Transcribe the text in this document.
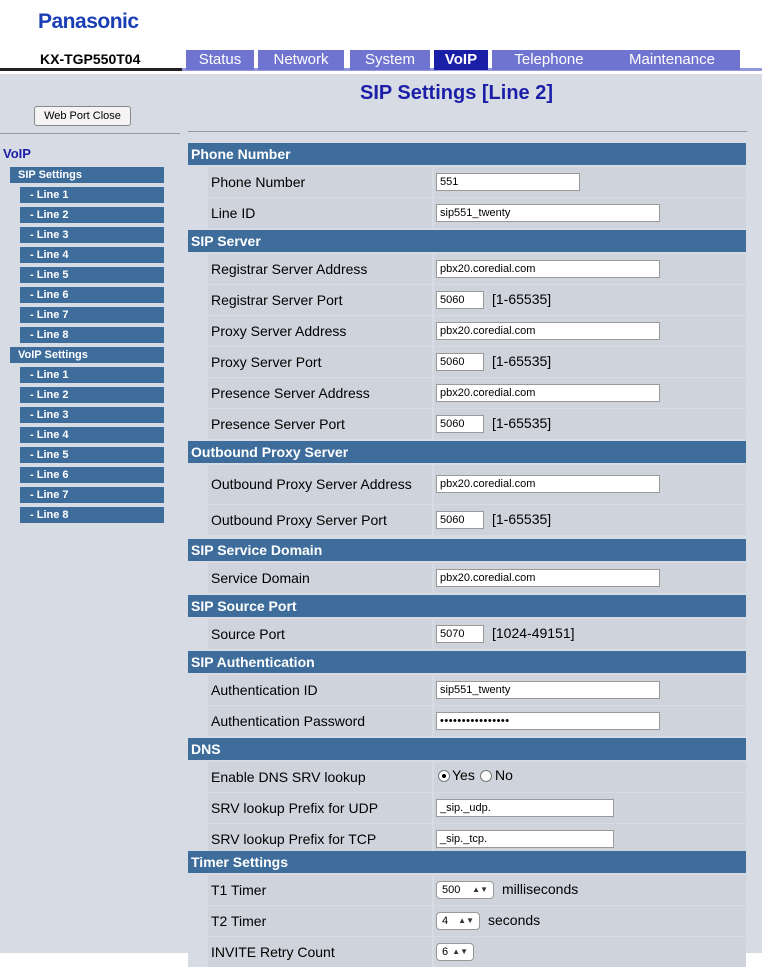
Panasonic
KX-TGP550T04	Status	Network	System	VoIP	Telephone	Maintenance
Web Port Close
VoIP
SIP Settings
- Line 1
- Line 2
- Line 3
- Line 4
- Line 5
- Line 6
- Line 7
- Line 8
VoIP Settings
- Line 1
- Line 2
- Line 3
- Line 4
- Line 5
- Line 6
- Line 7
- Line 8
SIP Settings [Line 2]
Phone Number
Phone Number	551
Line ID	sip551_twenty
SIP Server
Registrar Server Address	pbx20.coredial.com
Registrar Server Port	5060	[1-65535]
Proxy Server Address	pbx20.coredial.com
Proxy Server Port	5060	[1-65535]
Presence Server Address	pbx20.coredial.com
Presence Server Port	5060	[1-65535]
Outbound Proxy Server
Outbound Proxy Server Address	pbx20.coredial.com
Outbound Proxy Server Port	5060	[1-65535]
SIP Service Domain
Service Domain	pbx20.coredial.com
SIP Source Port
Source Port	5070	[1024-49151]
SIP Authentication
Authentication ID	sip551_twenty
Authentication Password	••••••••••••••••
DNS
Enable DNS SRV lookup	Yes No
SRV lookup Prefix for UDP	_sip._udp.
SRV lookup Prefix for TCP	_sip._tcp.
Timer Settings
T1 Timer	500 ▲▼ milliseconds
T2 Timer	4 ▲▼ seconds
INVITE Retry Count	6 ▲▼
